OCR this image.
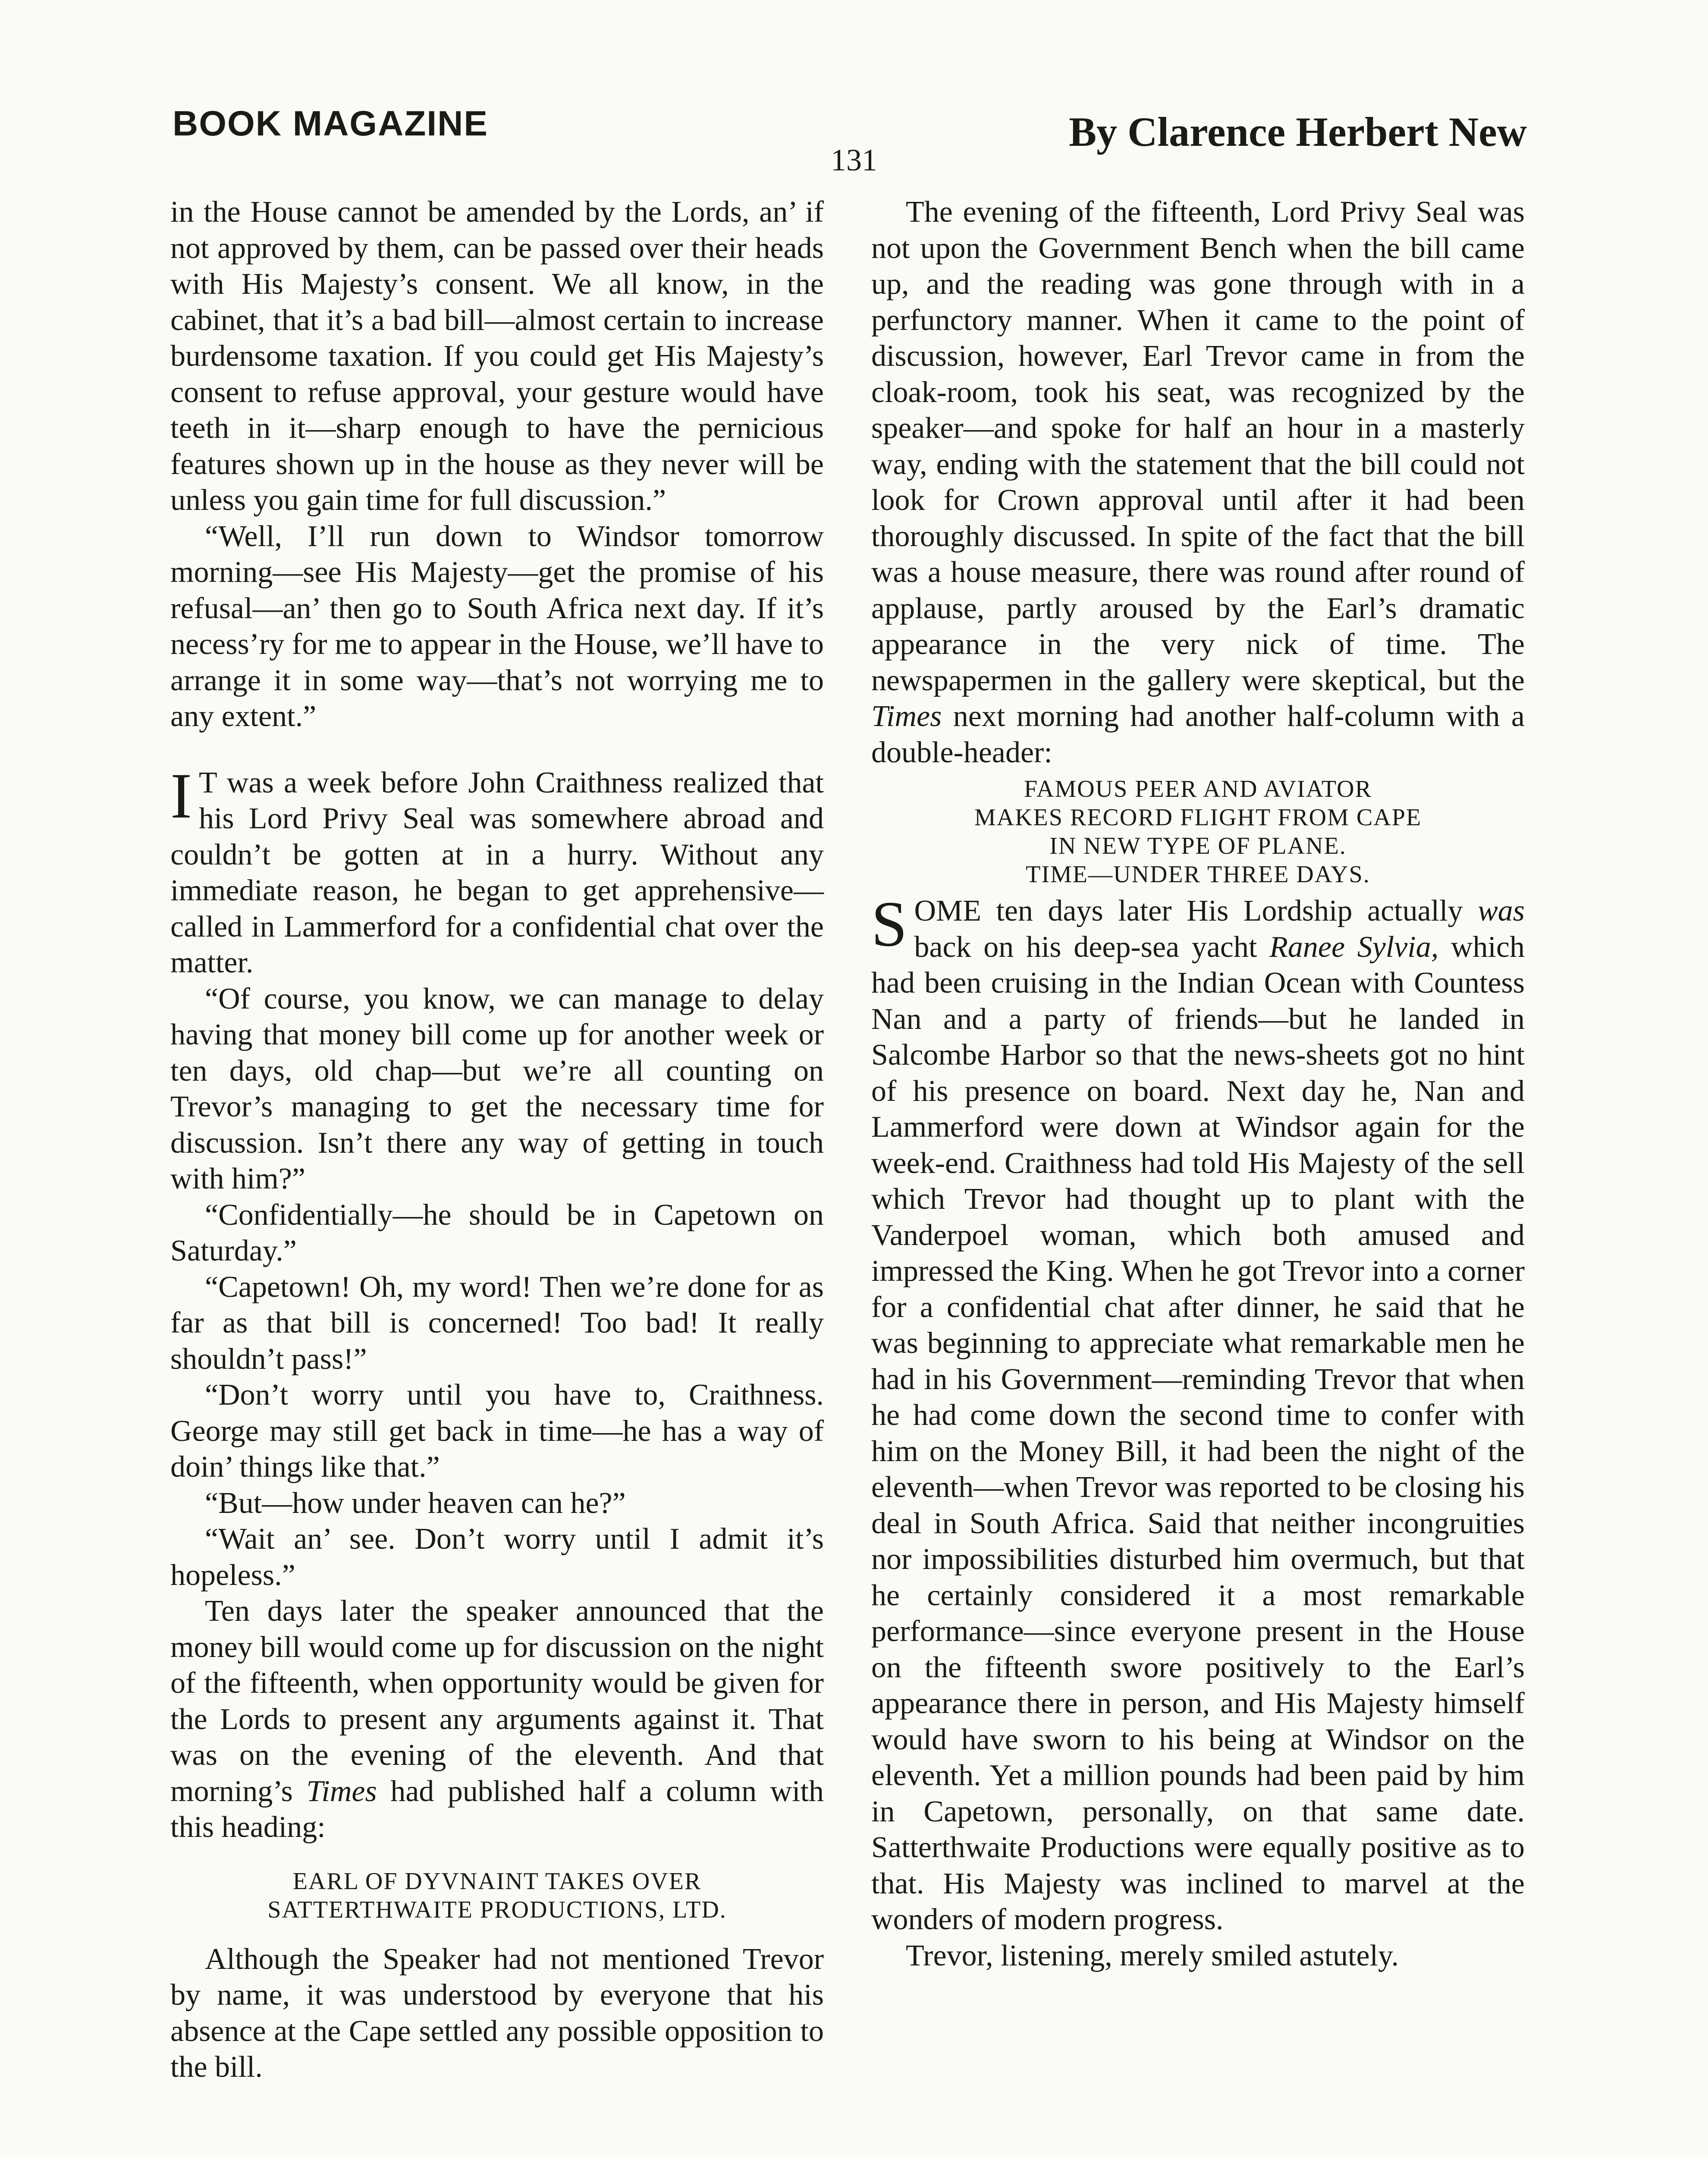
BOOK MAGAZINE	By Clarence Herbert New
131

in the House cannot be amended by the Lords, an’ if not approved by them, can be passed over their heads with His Majesty’s consent. We all know, in the cabinet, that it’s a bad bill—almost certain to increase burdensome taxation. If you could get His Majesty’s consent to refuse approval, your gesture would have teeth in it—sharp enough to have the pernicious features shown up in the house as they never will be unless you gain time for full discussion.”

“Well, I’ll run down to Windsor tomorrow morning—see His Majesty—get the promise of his refusal—an’ then go to South Africa next day. If it’s necess’ry for me to appear in the House, we’ll have to arrange it in some way—that’s not worrying me to any extent.”

I T was a week before John Craithness realized that his Lord Privy Seal was somewhere abroad and couldn’t be gotten at in a hurry. Without any immediate reason, he began to get apprehensive—called in Lammerford for a confidential chat over the matter.

“Of course, you know, we can manage to delay having that money bill come up for another week or ten days, old chap—but we’re all counting on Trevor’s managing to get the necessary time for discussion. Isn’t there any way of getting in touch with him?”

“Confidentially—he should be in Capetown on Saturday.”

“Capetown! Oh, my word! Then we’re done for as far as that bill is concerned! Too bad! It really shouldn’t pass!”

“Don’t worry until you have to, Craithness. George may still get back in time—he has a way of doin’ things like that.”

“But—how under heaven can he?”

“Wait an’ see. Don’t worry until I admit it’s hopeless.”

Ten days later the speaker announced that the money bill would come up for discussion on the night of the fifteenth, when opportunity would be given for the Lords to present any arguments against it. That was on the evening of the eleventh. And that morning’s Times had published half a column with this heading:

EARL OF DYVNAINT TAKES OVER
SATTERTHWAITE PRODUCTIONS, LTD.

Although the Speaker had not mentioned Trevor by name, it was understood by everyone that his absence at the Cape settled any possible opposition to the bill.

The evening of the fifteenth, Lord Privy Seal was not upon the Government Bench when the bill came up, and the reading was gone through with in a perfunctory manner. When it came to the point of discussion, however, Earl Trevor came in from the cloak-room, took his seat, was recognized by the speaker—and spoke for half an hour in a masterly way, ending with the statement that the bill could not look for Crown approval until after it had been thoroughly discussed. In spite of the fact that the bill was a house measure, there was round after round of applause, partly aroused by the Earl’s dramatic appearance in the very nick of time. The newspapermen in the gallery were skeptical, but the Times next morning had another half-column with a double-header:

FAMOUS PEER AND AVIATOR
MAKES RECORD FLIGHT FROM CAPE
IN NEW TYPE OF PLANE.
TIME—UNDER THREE DAYS.

SOME ten days later His Lordship actually was back on his deep-sea yacht Ranee Sylvia, which had been cruising in the Indian Ocean with Countess Nan and a party of friends—but he landed in Salcombe Harbor so that the news-sheets got no hint of his presence on board. Next day he, Nan and Lammerford were down at Windsor again for the week-end. Craithness had told His Majesty of the sell which Trevor had thought up to plant with the Vanderpoel woman, which both amused and impressed the King. When he got Trevor into a corner for a confidential chat after dinner, he said that he was beginning to appreciate what remarkable men he had in his Government—reminding Trevor that when he had come down the second time to confer with him on the Money Bill, it had been the night of the eleventh—when Trevor was reported to be closing his deal in South Africa. Said that neither incongruities nor impossibilities disturbed him overmuch, but that he certainly considered it a most remarkable performance—since everyone present in the House on the fifteenth swore positively to the Earl’s appearance there in person, and His Majesty himself would have sworn to his being at Windsor on the eleventh. Yet a million pounds had been paid by him in Capetown, personally, on that same date. Satterthwaite Productions were equally positive as to that. His Majesty was inclined to marvel at the wonders of modern progress.

Trevor, listening, merely smiled astutely.
